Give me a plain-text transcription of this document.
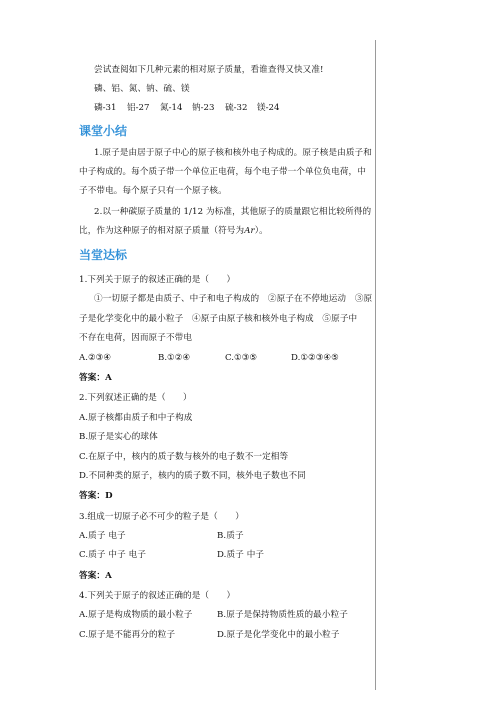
尝试查阅如下几种元素的相对原子质量，看谁查得又快又准!
磷、铝、氮、钠、硫、镁
磷-31	铝-27	氮-14	钠-23	硫-32	镁-24
课堂小结
1.原子是由居于原子中心的原子核和核外电子构成的。原子核是由质子和
中子构成的。每个质子带一个单位正电荷，每个电子带一个单位负电荷，中
子不带电。每个原子只有一个原子核。
2.以一种碳原子质量的 1/12 为标准，其他原子的质量跟它相比较所得的
比，作为这种原子的相对原子质量（符号为Ar）。
当堂达标
1.下列关于原子的叙述正确的是（　　）
①一切原子都是由质子、中子和电子构成的　②原子在不停地运动　③原
子是化学变化中的最小粒子　④原子由原子核和核外电子构成　⑤原子中
不存在电荷，因而原子不带电
A.②③④	B.①②④	C.①③⑤	D.①②③④⑤
答案：A
2.下列叙述正确的是（　　）
A.原子核都由质子和中子构成
B.原子是实心的球体
C.在原子中，核内的质子数与核外的电子数不一定相等
D.不同种类的原子，核内的质子数不同，核外电子数也不同
答案：D
3.组成一切原子必不可少的粒子是（　　）
A.质子 电子	B.质子
C.质子 中子 电子	D.质子 中子
答案：A
4.下列关于原子的叙述正确的是（　　）
A.原子是构成物质的最小粒子	B.原子是保持物质性质的最小粒子
C.原子是不能再分的粒子	D.原子是化学变化中的最小粒子
